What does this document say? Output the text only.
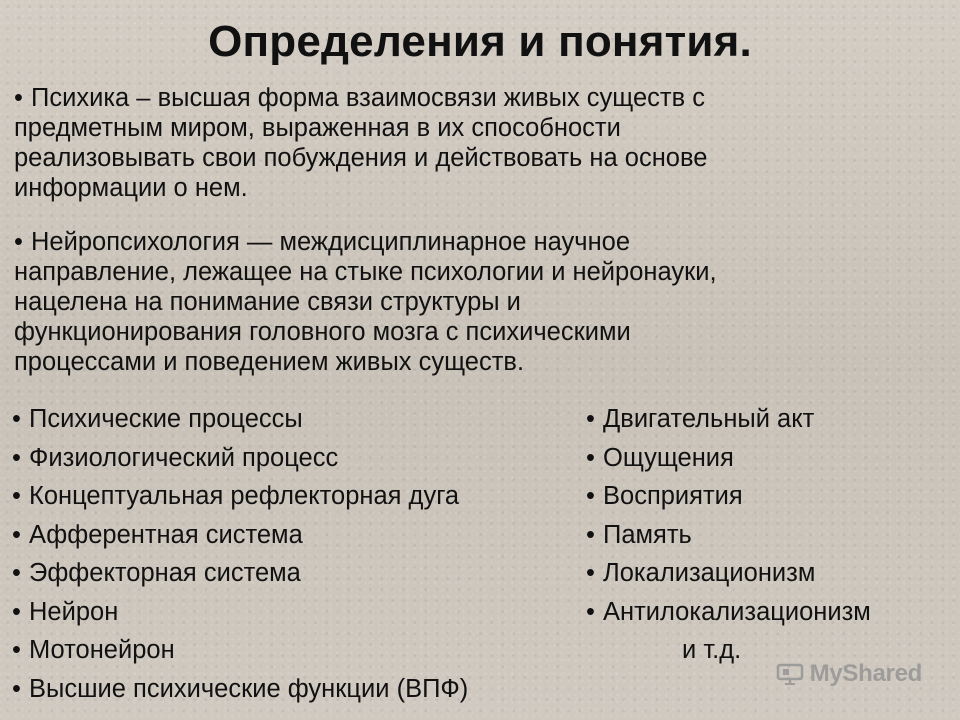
Определения и понятия.
• Психика – высшая форма взаимосвязи живых существ с
предметным миром, выраженная в их способности
реализовывать свои побуждения и действовать на основе
информации о нем.
• Нейропсихология — междисциплинарное научное
направление, лежащее на стыке психологии и нейронауки,
нацелена на понимание связи структуры и
функционирования головного мозга с психическими
процессами и поведением живых существ.
• Психические процессы
• Физиологический процесс
• Концептуальная рефлекторная дуга
• Афферентная система
• Эффекторная система
• Нейрон
• Мотонейрон
• Высшие психические функции (ВПФ)
• Двигательный акт
• Ощущения
• Восприятия
• Память
• Локализационизм
• Антилокализационизм
и т.д.
MyShared
